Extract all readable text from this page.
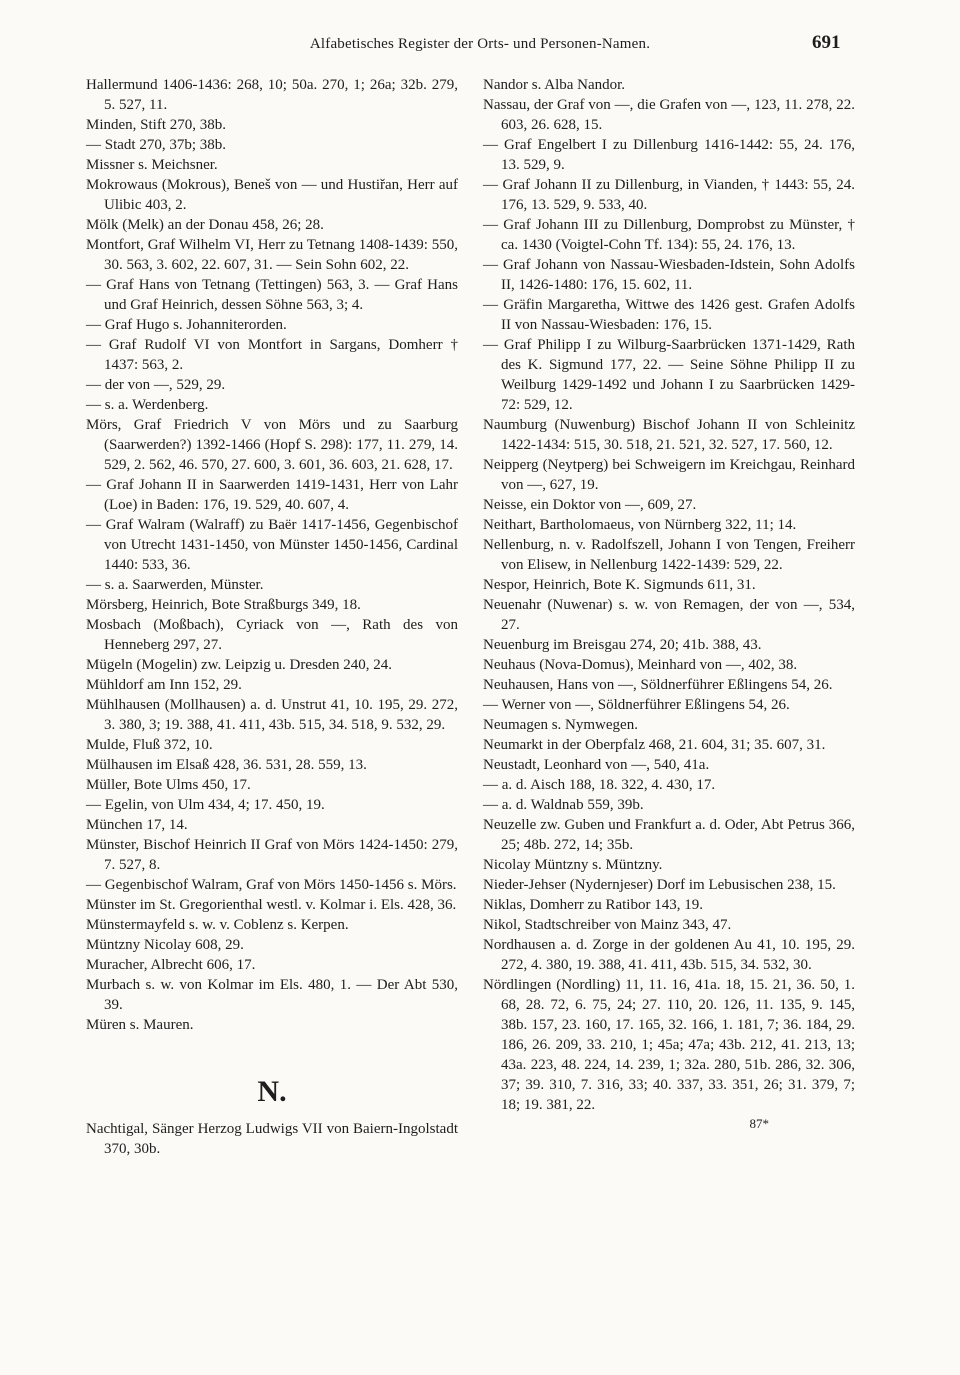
Alfabetisches Register der Orts- und Personen-Namen.	691
Hallermund 1406-1436: 268, 10; 50a. 270, 1; 26a; 32b. 279, 5. 527, 11.
Minden, Stift 270, 38b.
— Stadt 270, 37b; 38b.
Missner s. Meichsner.
Mokrowaus (Mokrous), Beneš von — und Hustiřan, Herr auf Ulibic 403, 2.
Mölk (Melk) an der Donau 458, 26; 28.
Montfort, Graf Wilhelm VI, Herr zu Tetnang 1408-1439: 550, 30. 563, 3. 602, 22. 607, 31. — Sein Sohn 602, 22.
— Graf Hans von Tetnang (Tettingen) 563, 3. — Graf Hans und Graf Heinrich, dessen Söhne 563, 3; 4.
— Graf Hugo s. Johanniterorden.
— Graf Rudolf VI von Montfort in Sargans, Domherr † 1437: 563, 2.
— der von —, 529, 29.
— s. a. Werdenberg.
Mörs, Graf Friedrich V von Mörs und zu Saarburg (Saarwerden?) 1392-1466 (Hopf S. 298): 177, 11. 279, 14. 529, 2. 562, 46. 570, 27. 600, 3. 601, 36. 603, 21. 628, 17.
— Graf Johann II in Saarwerden 1419-1431, Herr von Lahr (Loe) in Baden: 176, 19. 529, 40. 607, 4.
— Graf Walram (Walraff) zu Baër 1417-1456, Gegenbischof von Utrecht 1431-1450, von Münster 1450-1456, Cardinal 1440: 533, 36.
— s. a. Saarwerden, Münster.
Mörsberg, Heinrich, Bote Straßburgs 349, 18.
Mosbach (Moßbach), Cyriack von —, Rath des von Henneberg 297, 27.
Mügeln (Mogelin) zw. Leipzig u. Dresden 240, 24.
Mühldorf am Inn 152, 29.
Mühlhausen (Mollhausen) a. d. Unstrut 41, 10. 195, 29. 272, 3. 380, 3; 19. 388, 41. 411, 43b. 515, 34. 518, 9. 532, 29.
Mulde, Fluß 372, 10.
Mülhausen im Elsaß 428, 36. 531, 28. 559, 13.
Müller, Bote Ulms 450, 17.
— Egelin, von Ulm 434, 4; 17. 450, 19.
München 17, 14.
Münster, Bischof Heinrich II Graf von Mörs 1424-1450: 279, 7. 527, 8.
— Gegenbischof Walram, Graf von Mörs 1450-1456 s. Mörs.
Münster im St. Gregorienthal westl. v. Kolmar i. Els. 428, 36.
Münstermayfeld s. w. v. Coblenz s. Kerpen.
Müntzny Nicolay 608, 29.
Muracher, Albrecht 606, 17.
Murbach s. w. von Kolmar im Els. 480, 1. — Der Abt 530, 39.
Müren s. Mauren.
N.
Nachtigal, Sänger Herzog Ludwigs VII von Baiern-Ingolstadt 370, 30b.
Nandor s. Alba Nandor.
Nassau, der Graf von —, die Grafen von —, 123, 11. 278, 22. 603, 26. 628, 15.
— Graf Engelbert I zu Dillenburg 1416-1442: 55, 24. 176, 13. 529, 9.
— Graf Johann II zu Dillenburg, in Vianden, † 1443: 55, 24. 176, 13. 529, 9. 533, 40.
— Graf Johann III zu Dillenburg, Domprobst zu Münster, † ca. 1430 (Voigtel-Cohn Tf. 134): 55, 24. 176, 13.
— Graf Johann von Nassau-Wiesbaden-Idstein, Sohn Adolfs II, 1426-1480: 176, 15. 602, 11.
— Gräfin Margaretha, Wittwe des 1426 gest. Grafen Adolfs II von Nassau-Wiesbaden: 176, 15.
— Graf Philipp I zu Wilburg-Saarbrücken 1371-1429, Rath des K. Sigmund 177, 22. — Seine Söhne Philipp II zu Weilburg 1429-1492 und Johann I zu Saarbrücken 1429-72: 529, 12.
Naumburg (Nuwenburg) Bischof Johann II von Schleinitz 1422-1434: 515, 30. 518, 21. 521, 32. 527, 17. 560, 12.
Neipperg (Neytperg) bei Schweigern im Kreichgau, Reinhard von —, 627, 19.
Neisse, ein Doktor von —, 609, 27.
Neithart, Bartholomaeus, von Nürnberg 322, 11; 14.
Nellenburg, n. v. Radolfszell, Johann I von Tengen, Freiherr von Elisew, in Nellenburg 1422-1439: 529, 22.
Nespor, Heinrich, Bote K. Sigmunds 611, 31.
Neuenahr (Nuwenar) s. w. von Remagen, der von —, 534, 27.
Neuenburg im Breisgau 274, 20; 41b. 388, 43.
Neuhaus (Nova-Domus), Meinhard von —, 402, 38.
Neuhausen, Hans von —, Söldnerführer Eßlingens 54, 26.
— Werner von —, Söldnerführer Eßlingens 54, 26.
Neumagen s. Nymwegen.
Neumarkt in der Oberpfalz 468, 21. 604, 31; 35. 607, 31.
Neustadt, Leonhard von —, 540, 41a.
— a. d. Aisch 188, 18. 322, 4. 430, 17.
— a. d. Waldnab 559, 39b.
Neuzelle zw. Guben und Frankfurt a. d. Oder, Abt Petrus 366, 25; 48b. 272, 14; 35b.
Nicolay Müntzny s. Müntzny.
Nieder-Jehser (Nydernjeser) Dorf im Lebusischen 238, 15.
Niklas, Domherr zu Ratibor 143, 19.
Nikol, Stadtschreiber von Mainz 343, 47.
Nordhausen a. d. Zorge in der goldenen Au 41, 10. 195, 29. 272, 4. 380, 19. 388, 41. 411, 43b. 515, 34. 532, 30.
Nördlingen (Nordling) 11, 11. 16, 41a. 18, 15. 21, 36. 50, 1. 68, 28. 72, 6. 75, 24; 27. 110, 20. 126, 11. 135, 9. 145, 38b. 157, 23. 160, 17. 165, 32. 166, 1. 181, 7; 36. 184, 29. 186, 26. 209, 33. 210, 1; 45a; 47a; 43b. 212, 41. 213, 13; 43a. 223, 48. 224, 14. 239, 1; 32a. 280, 51b. 286, 32. 306, 37; 39. 310, 7. 316, 33; 40. 337, 33. 351, 26; 31. 379, 7; 18; 19. 381, 22.
87*
